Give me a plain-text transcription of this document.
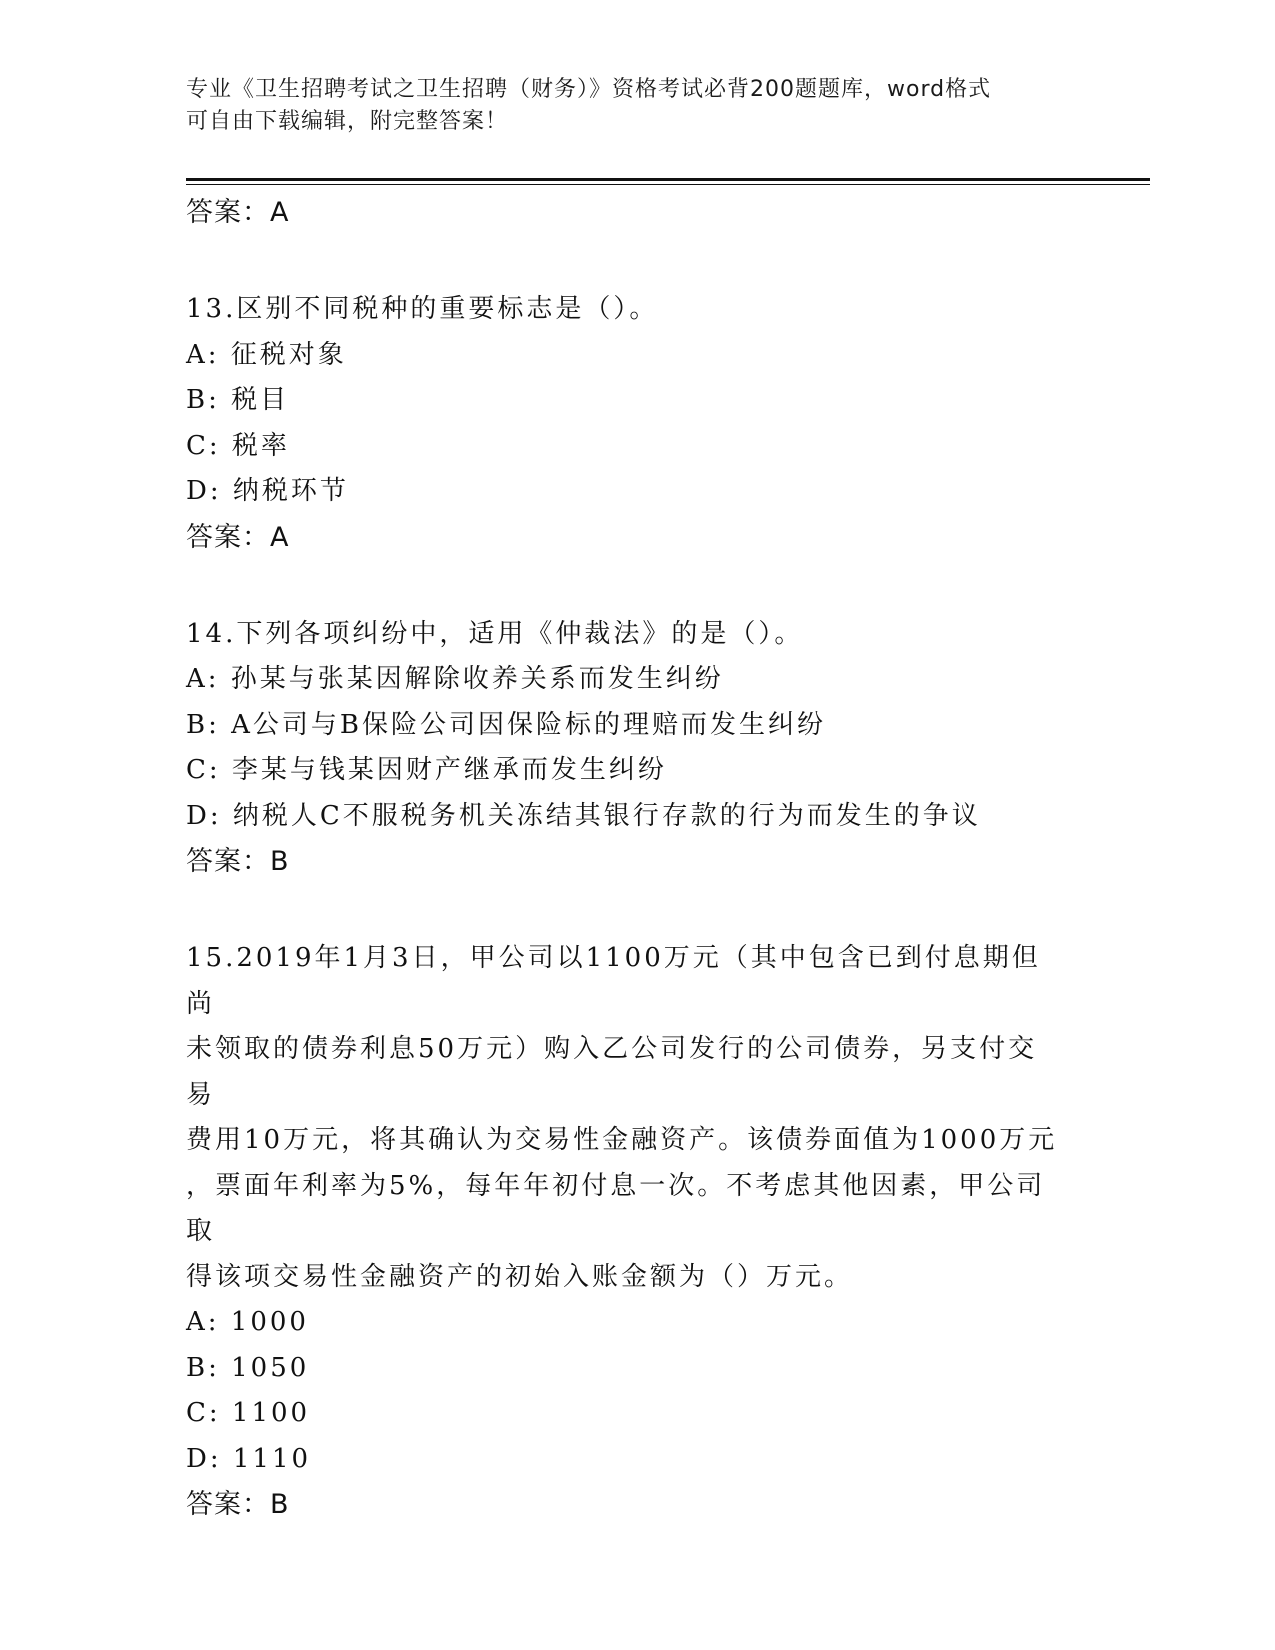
专业《卫生招聘考试之卫生招聘（财务）》资格考试必背200题题库，word格式
可自由下载编辑，附完整答案！
答案：A
13.区别不同税种的重要标志是（）。
A: 征税对象
B: 税目
C: 税率
D: 纳税环节
答案：A
14.下列各项纠纷中，适用《仲裁法》的是（）。
A: 孙某与张某因解除收养关系而发生纠纷
B: A公司与B保险公司因保险标的理赔而发生纠纷
C: 李某与钱某因财产继承而发生纠纷
D: 纳税人C不服税务机关冻结其银行存款的行为而发生的争议
答案：B
15.2019年1月3日，甲公司以1100万元（其中包含已到付息期但尚
未领取的债券利息50万元）购入乙公司发行的公司债券，另支付交易
费用10万元，将其确认为交易性金融资产。该债券面值为1000万元
，票面年利率为5%，每年年初付息一次。不考虑其他因素，甲公司取
得该项交易性金融资产的初始入账金额为（）万元。
A: 1000
B: 1050
C: 1100
D: 1110
答案：B
